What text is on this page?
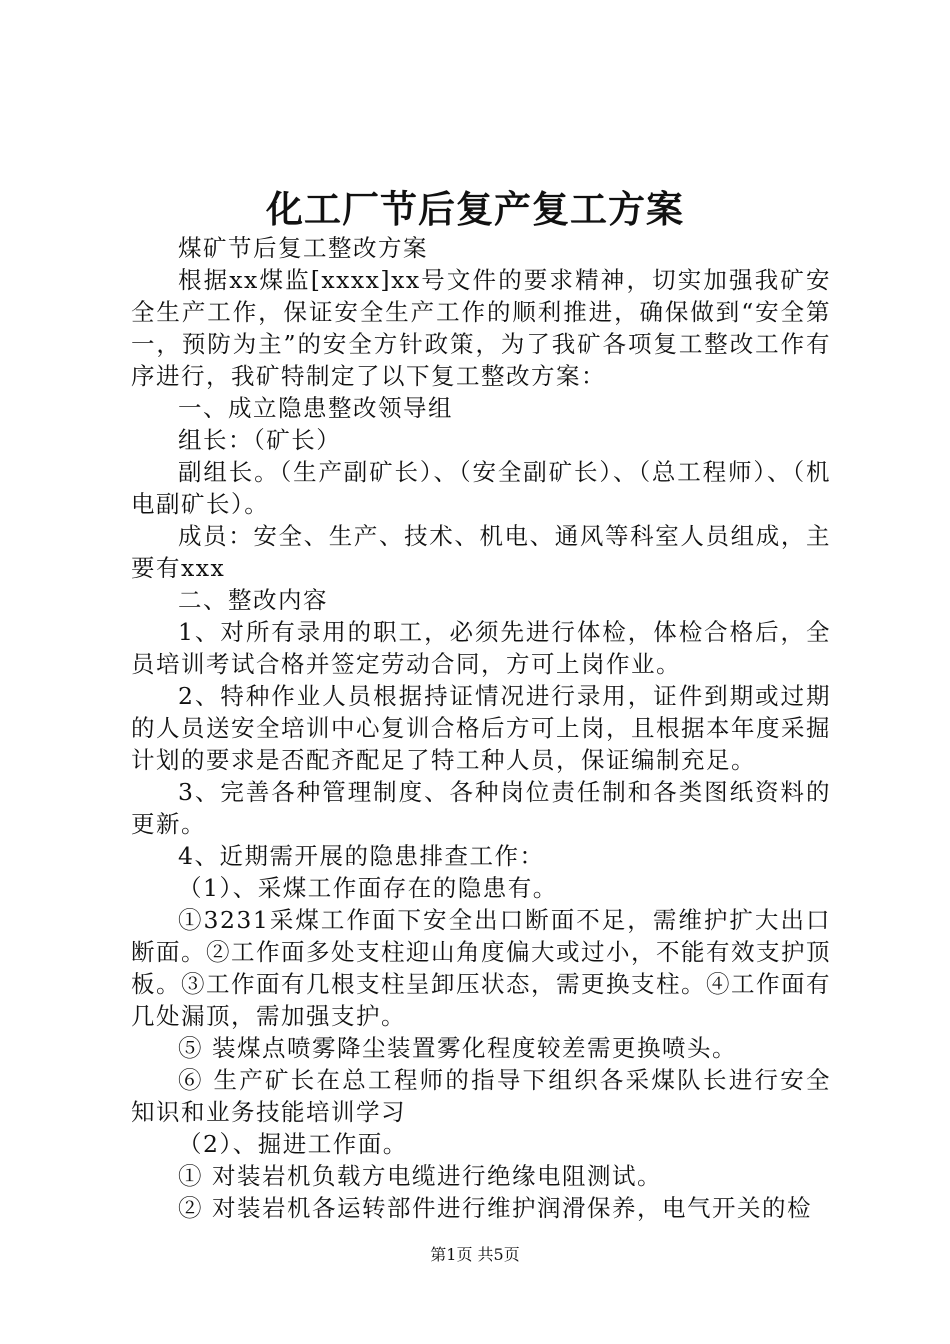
化工厂节后复产复工方案

煤矿节后复工整改方案

根据xx煤监[xxxx]xx号文件的要求精神，切实加强我矿安全生产工作，保证安全生产工作的顺利推进，确保做到“安全第一，预防为主”的安全方针政策，为了我矿各项复工整改工作有序进行，我矿特制定了以下复工整改方案：

一、成立隐患整改领导组

组长：（矿长）

副组长。（生产副矿长）、（安全副矿长）、（总工程师）、（机电副矿长）。

成员：安全、生产、技术、机电、通风等科室人员组成，主要有xxx

二、整改内容

1、对所有录用的职工，必须先进行体检，体检合格后，全员培训考试合格并签定劳动合同，方可上岗作业。

2、特种作业人员根据持证情况进行录用，证件到期或过期的人员送安全培训中心复训合格后方可上岗，且根据本年度采掘计划的要求是否配齐配足了特工种人员，保证编制充足。

3、完善各种管理制度、各种岗位责任制和各类图纸资料的更新。

4、近期需开展的隐患排查工作：

（1）、采煤工作面存在的隐患有。

①3231采煤工作面下安全出口断面不足，需维护扩大出口断面。②工作面多处支柱迎山角度偏大或过小，不能有效支护顶板。③工作面有几根支柱呈卸压状态，需更换支柱。④工作面有几处漏顶，需加强支护。

⑤ 装煤点喷雾降尘装置雾化程度较差需更换喷头。

⑥ 生产矿长在总工程师的指导下组织各采煤队长进行安全知识和业务技能培训学习

（2）、掘进工作面。

① 对装岩机负载方电缆进行绝缘电阻测试。

② 对装岩机各运转部件进行维护润滑保养，电气开关的检

第1页 共5页
